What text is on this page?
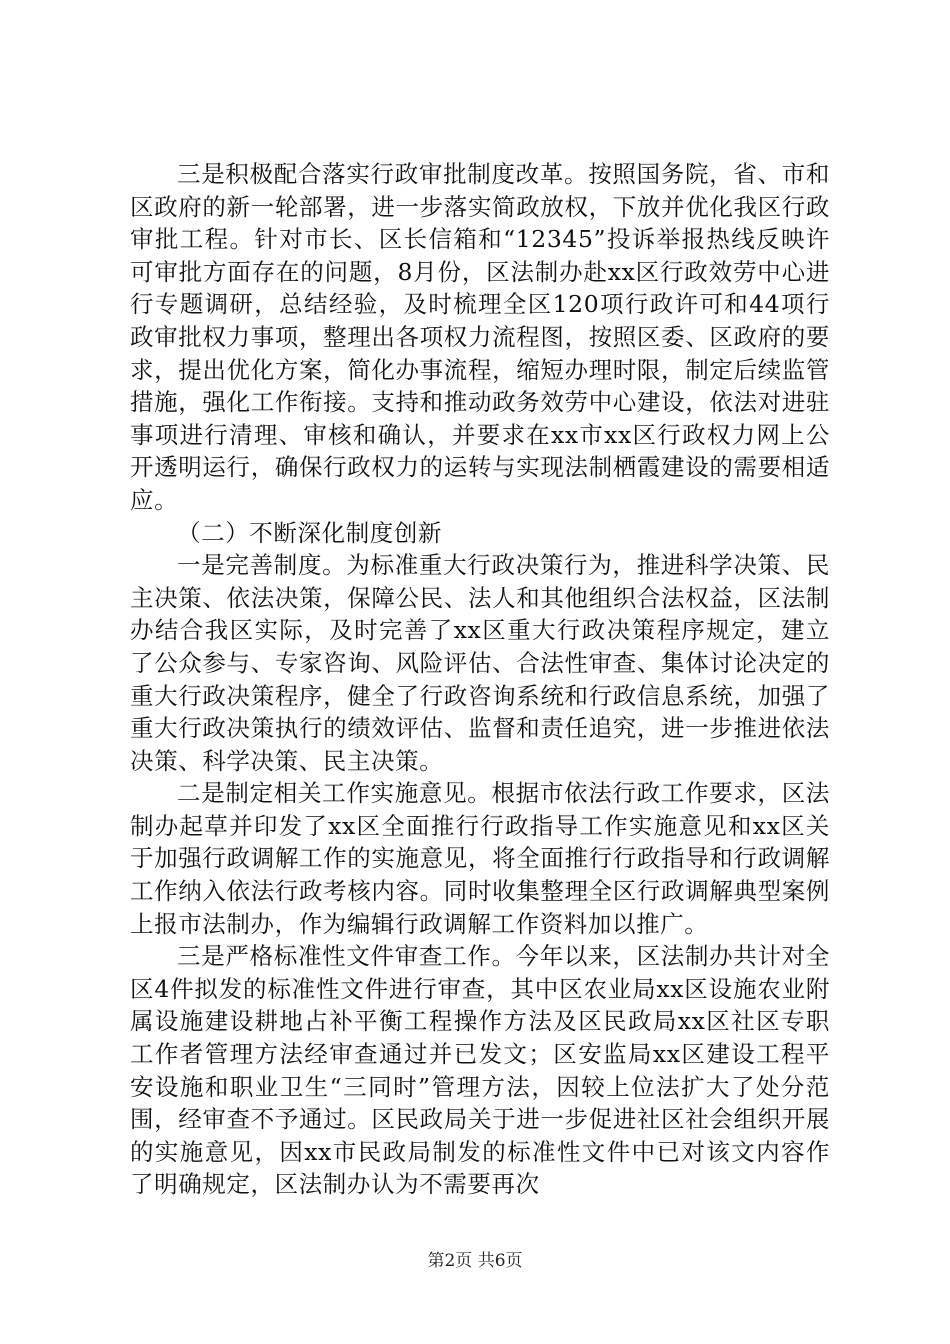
三是积极配合落实行政审批制度改革。按照国务院，省、市和区政府的新一轮部署，进一步落实简政放权，下放并优化我区行政审批工程。针对市长、区长信箱和“12345”投诉举报热线反映许可审批方面存在的问题，8月份，区法制办赴xx区行政效劳中心进行专题调研，总结经验，及时梳理全区120项行政许可和44项行政审批权力事项，整理出各项权力流程图，按照区委、区政府的要求，提出优化方案，简化办事流程，缩短办理时限，制定后续监管措施，强化工作衔接。支持和推动政务效劳中心建设，依法对进驻事项进行清理、审核和确认，并要求在xx市xx区行政权力网上公开透明运行，确保行政权力的运转与实现法制栖霞建设的需要相适应。

（二）不断深化制度创新

一是完善制度。为标准重大行政决策行为，推进科学决策、民主决策、依法决策，保障公民、法人和其他组织合法权益，区法制办结合我区实际，及时完善了xx区重大行政决策程序规定，建立了公众参与、专家咨询、风险评估、合法性审查、集体讨论决定的重大行政决策程序，健全了行政咨询系统和行政信息系统，加强了重大行政决策执行的绩效评估、监督和责任追究，进一步推进依法决策、科学决策、民主决策。

二是制定相关工作实施意见。根据市依法行政工作要求，区法制办起草并印发了xx区全面推行行政指导工作实施意见和xx区关于加强行政调解工作的实施意见，将全面推行行政指导和行政调解工作纳入依法行政考核内容。同时收集整理全区行政调解典型案例上报市法制办，作为编辑行政调解工作资料加以推广。

三是严格标准性文件审查工作。今年以来，区法制办共计对全区4件拟发的标准性文件进行审查，其中区农业局xx区设施农业附属设施建设耕地占补平衡工程操作方法及区民政局xx区社区专职工作者管理方法经审查通过并已发文；区安监局xx区建设工程平安设施和职业卫生“三同时”管理方法，因较上位法扩大了处分范围，经审查不予通过。区民政局关于进一步促进社区社会组织开展的实施意见，因xx市民政局制发的标准性文件中已对该文内容作了明确规定，区法制办认为不需要再次

第2页 共6页
